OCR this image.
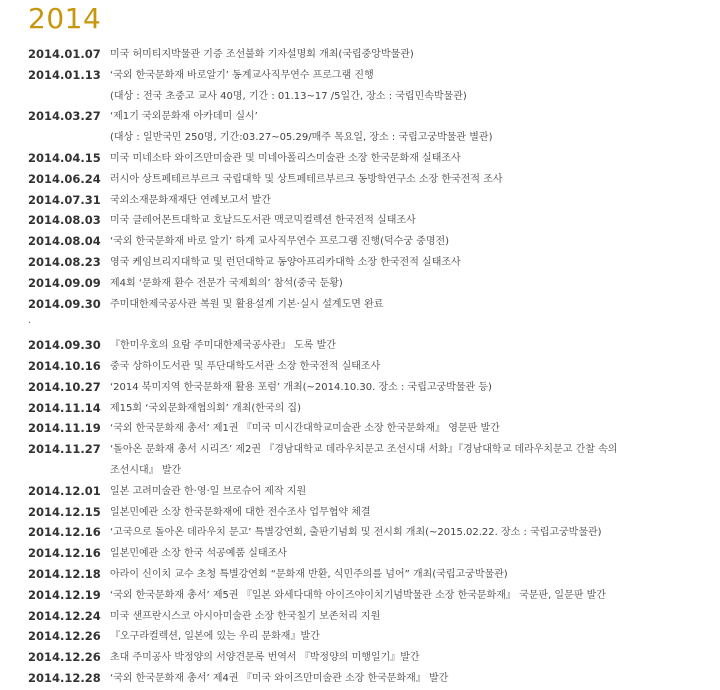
2014
2014.01.07 미국 허미티지박물관 기증 조선불화 기자설명회 개최(국립중앙박물관)
2014.01.13 ‘국외 한국문화재 바로알기’ 동계교사직무연수 프로그램 진행
(대상 : 전국 초중고 교사 40명, 기간 : 01.13~17 /5일간, 장소 : 국립민속박물관)
2014.03.27 ‘제1기 국외문화재 아카데미 실시’
(대상 : 일반국민 250명, 기간:03.27~05.29/매주 목요일, 장소 : 국립고궁박물관 별관)
2014.04.15 미국 미네소타 와이즈만미술관 및 미네아폴리스미술관 소장 한국문화재 실태조사
2014.06.24 러시아 상트페테르부르크 국립대학 및 상트페테르부르크 동방학연구소 소장 한국전적 조사
2014.07.31 국외소재문화재재단 연례보고서 발간
2014.08.03 미국 클레어몬트대학교 호날드도서관 맥코믹컬렉션 한국전적 실태조사
2014.08.04 ‘국외 한국문화재 바로 알기’ 하계 교사직무연수 프로그램 진행(덕수궁 중명전)
2014.08.23 영국 케임브리지대학교 및 런던대학교 동양아프리카대학 소장 한국전적 실태조사
2014.09.09 제4회 ‘문화재 환수 전문가 국제회의’ 참석(중국 둔황)
2014.09.30 주미대한제국공사관 복원 및 활용설계 기본·실시 설계도면 완료
.
2014.09.30 『한미우호의 요람 주미대한제국공사관』 도록 발간
2014.10.16 중국 상하이도서관 및 푸단대학도서관 소장 한국전적 실태조사
2014.10.27 ‘2014 북미지역 한국문화재 활용 포럼’ 개최(~2014.10.30. 장소 : 국립고궁박물관 등)
2014.11.14 제15회 ‘국외문화재협의회’ 개최(한국의 집)
2014.11.19 ‘국외 한국문화재 총서’ 제1권 『미국 미시간대학교미술관 소장 한국문화재』 영문판 발간
2014.11.27 ‘돌아온 문화재 총서 시리즈’ 제2권 『경남대학교 데라우치문고 조선시대 서화』『경남대학교 데라우치문고 간찰 속의
조선시대』 발간
2014.12.01 일본 고려미술관 한·영·일 브로슈어 제작 지원
2014.12.15 일본민예관 소장 한국문화재에 대한 전수조사 업무협약 체결
2014.12.16 ‘고국으로 돌아온 데라우치 문고’ 특별강연회, 출판기념회 및 전시회 개최(~2015.02.22. 장소 : 국립고궁박물관)
2014.12.16 일본민예관 소장 한국 석공예품 실태조사
2014.12.18 아라이 신이치 교수 초청 특별강연회 “문화재 반환, 식민주의를 넘어” 개최(국립고궁박물관)
2014.12.19 ‘국외 한국문화재 총서’ 제5권 『일본 와세다대학 아이즈야이치기념박물관 소장 한국문화재』 국문판, 일문판 발간
2014.12.24 미국 샌프란시스코 아시아미술관 소장 한국칠기 보존처리 지원
2014.12.26 『오구라컬렉션, 일본에 있는 우리 문화재』발간
2014.12.26 초대 주미공사 박정양의 서양견문록 번역서 『박정양의 미행일기』발간
2014.12.28 ‘국외 한국문화재 총서’ 제4권 『미국 와이즈만미술관 소장 한국문화재』 발간
